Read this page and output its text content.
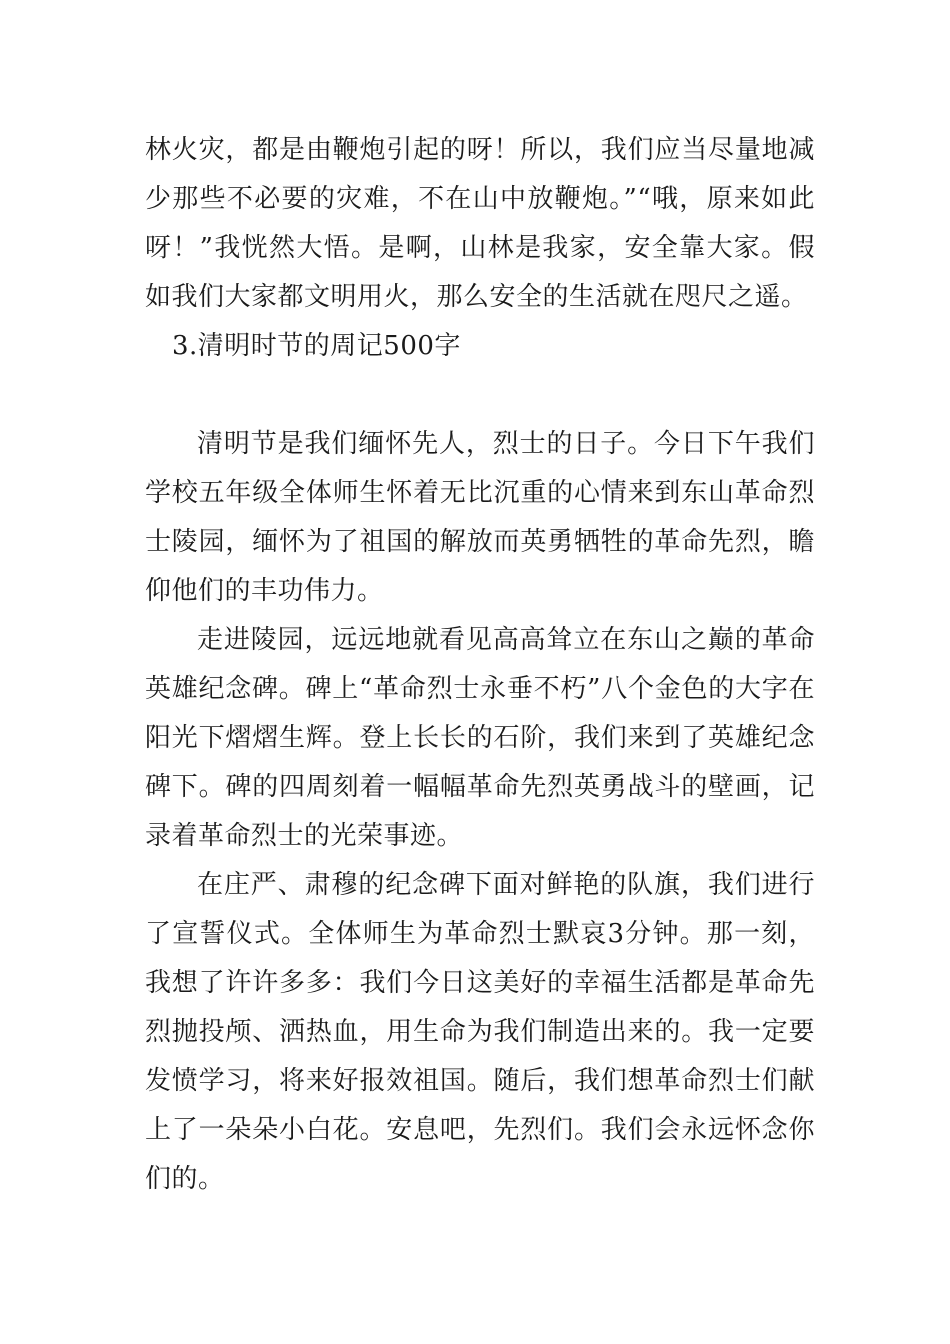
林火灾，都是由鞭炮引起的呀！所以，我们应当尽量地减少那些不必要的灾难，不在山中放鞭炮。”“哦，原来如此呀！”我恍然大悟。是啊，山林是我家，安全靠大家。假如我们大家都文明用火，那么安全的生活就在咫尺之遥。

3.清明时节的周记500字

清明节是我们缅怀先人，烈士的日子。今日下午我们学校五年级全体师生怀着无比沉重的心情来到东山革命烈士陵园，缅怀为了祖国的解放而英勇牺牲的革命先烈，瞻仰他们的丰功伟力。

走进陵园，远远地就看见高高耸立在东山之巅的革命英雄纪念碑。碑上“革命烈士永垂不朽”八个金色的大字在阳光下熠熠生辉。登上长长的石阶，我们来到了英雄纪念碑下。碑的四周刻着一幅幅革命先烈英勇战斗的壁画，记录着革命烈士的光荣事迹。

在庄严、肃穆的纪念碑下面对鲜艳的队旗，我们进行了宣誓仪式。全体师生为革命烈士默哀3分钟。那一刻，我想了许许多多：我们今日这美好的幸福生活都是革命先烈抛投颅、洒热血，用生命为我们制造出来的。我一定要发愤学习，将来好报效祖国。随后，我们想革命烈士们献上了一朵朵小白花。安息吧，先烈们。我们会永远怀念你们的。
